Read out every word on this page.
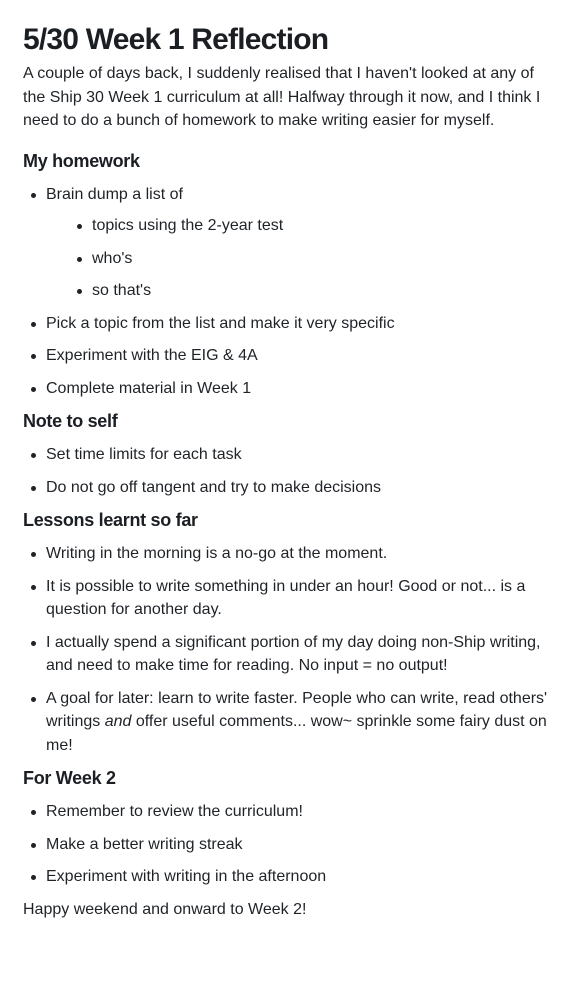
5/30 Week 1 Reflection

A couple of days back, I suddenly realised that I haven't looked at any of the Ship 30 Week 1 curriculum at all! Halfway through it now, and I think I need to do a bunch of homework to make writing easier for myself.

My homework
Brain dump a list of
topics using the 2-year test
who's
so that's
Pick a topic from the list and make it very specific
Experiment with the EIG & 4A
Complete material in Week 1
Note to self
Set time limits for each task
Do not go off tangent and try to make decisions
Lessons learnt so far
Writing in the morning is a no-go at the moment.
It is possible to write something in under an hour! Good or not... is a question for another day.
I actually spend a significant portion of my day doing non-Ship writing, and need to make time for reading. No input = no output!
A goal for later: learn to write faster. People who can write, read others' writings and offer useful comments... wow~ sprinkle some fairy dust on me!
For Week 2
Remember to review the curriculum!
Make a better writing streak
Experiment with writing in the afternoon

Happy weekend and onward to Week 2!
